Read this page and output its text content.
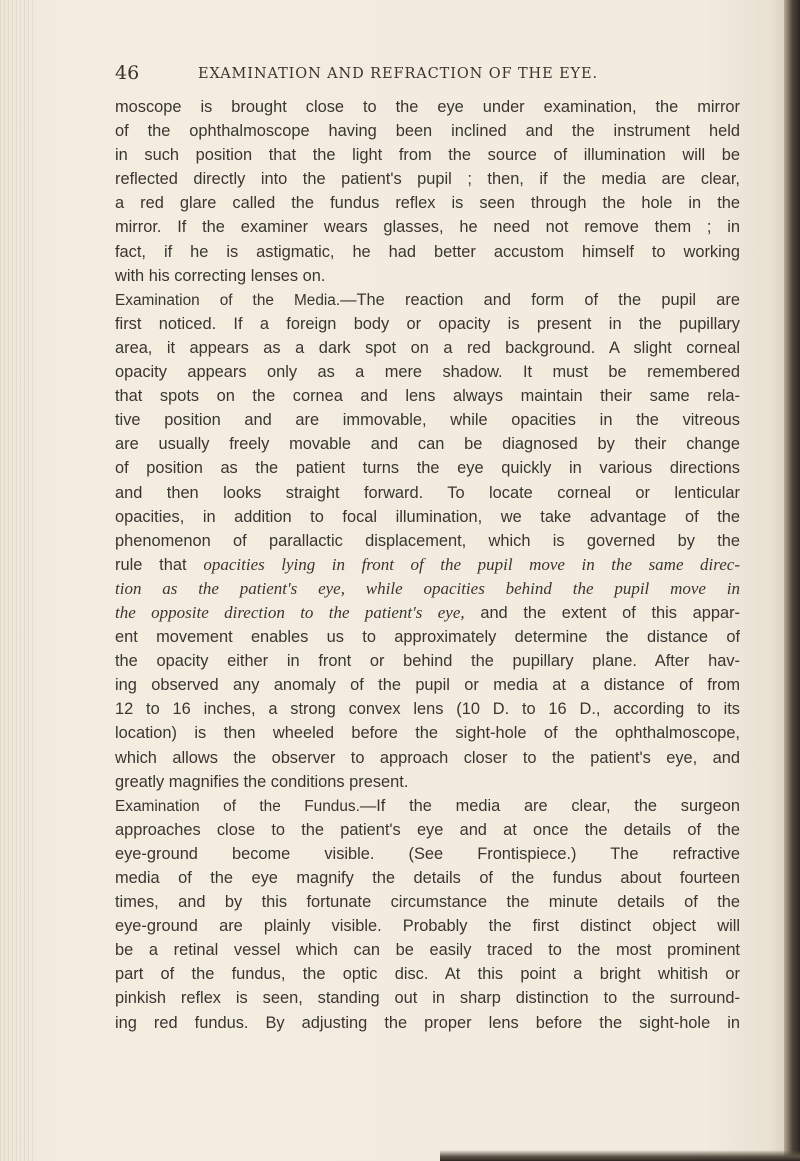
46	EXAMINATION AND REFRACTION OF THE EYE.
moscope is brought close to the eye under examination, the mirror
of the ophthalmoscope having been inclined and the instrument held
in such position that the light from the source of illumination will be
reflected directly into the patient's pupil ; then, if the media are clear,
a red glare called the fundus reflex is seen through the hole in the
mirror. If the examiner wears glasses, he need not remove them ; in
fact, if he is astigmatic, he had better accustom himself to working
with his correcting lenses on.
Examination of the Media.—The reaction and form of the pupil are
first noticed. If a foreign body or opacity is present in the pupillary
area, it appears as a dark spot on a red background. A slight corneal
opacity appears only as a mere shadow. It must be remembered
that spots on the cornea and lens always maintain their same rela-
tive position and are immovable, while opacities in the vitreous
are usually freely movable and can be diagnosed by their change
of position as the patient turns the eye quickly in various directions
and then looks straight forward. To locate corneal or lenticular
opacities, in addition to focal illumination, we take advantage of the
phenomenon of parallactic displacement, which is governed by the
rule that opacities lying in front of the pupil move in the same direc-
tion as the patient's eye, while opacities behind the pupil move in
the opposite direction to the patient's eye, and the extent of this appar-
ent movement enables us to approximately determine the distance of
the opacity either in front or behind the pupillary plane. After hav-
ing observed any anomaly of the pupil or media at a distance of from
12 to 16 inches, a strong convex lens (10 D. to 16 D., according to its
location) is then wheeled before the sight-hole of the ophthalmoscope,
which allows the observer to approach closer to the patient's eye, and
greatly magnifies the conditions present.
Examination of the Fundus.—If the media are clear, the surgeon
approaches close to the patient's eye and at once the details of the
eye-ground become visible. (See Frontispiece.) The refractive
media of the eye magnify the details of the fundus about fourteen
times, and by this fortunate circumstance the minute details of the
eye-ground are plainly visible. Probably the first distinct object will
be a retinal vessel which can be easily traced to the most prominent
part of the fundus, the optic disc. At this point a bright whitish or
pinkish reflex is seen, standing out in sharp distinction to the surround-
ing red fundus. By adjusting the proper lens before the sight-hole in
